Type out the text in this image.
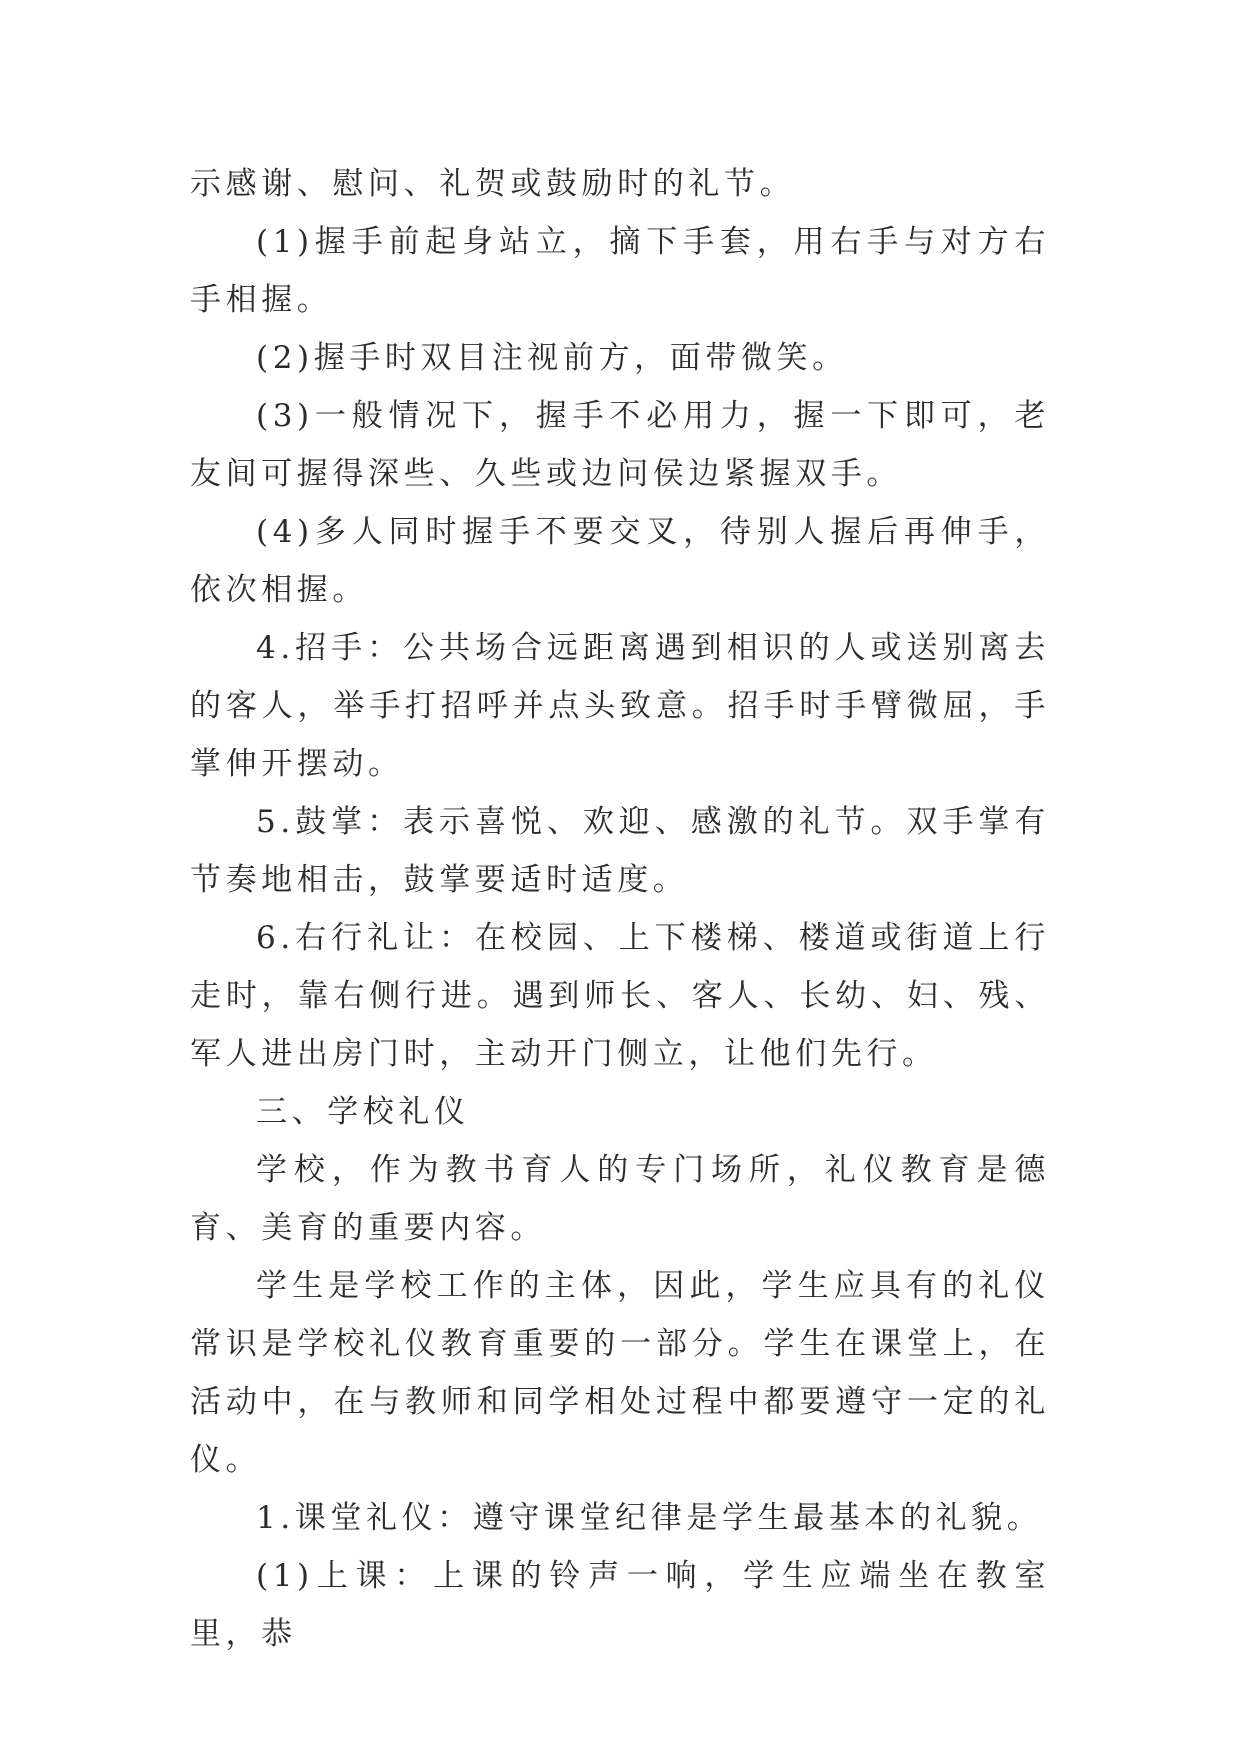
示感谢、慰问、礼贺或鼓励时的礼节。

(1)握手前起身站立，摘下手套，用右手与对方右手相握。

(2)握手时双目注视前方，面带微笑。

(3)一般情况下，握手不必用力，握一下即可，老友间可握得深些、久些或边问侯边紧握双手。

(4)多人同时握手不要交叉，待别人握后再伸手，依次相握。

4.招手：公共场合远距离遇到相识的人或送别离去的客人，举手打招呼并点头致意。招手时手臂微屈，手掌伸开摆动。

5.鼓掌：表示喜悦、欢迎、感激的礼节。双手掌有节奏地相击，鼓掌要适时适度。

6.右行礼让：在校园、上下楼梯、楼道或街道上行走时，靠右侧行进。遇到师长、客人、长幼、妇、残、军人进出房门时，主动开门侧立，让他们先行。

三、学校礼仪

学校，作为教书育人的专门场所，礼仪教育是德育、美育的重要内容。

学生是学校工作的主体，因此，学生应具有的礼仪常识是学校礼仪教育重要的一部分。学生在课堂上，在活动中，在与教师和同学相处过程中都要遵守一定的礼仪。

1.课堂礼仪：遵守课堂纪律是学生最基本的礼貌。

(1)上课：上课的铃声一响，学生应端坐在教室里，恭
